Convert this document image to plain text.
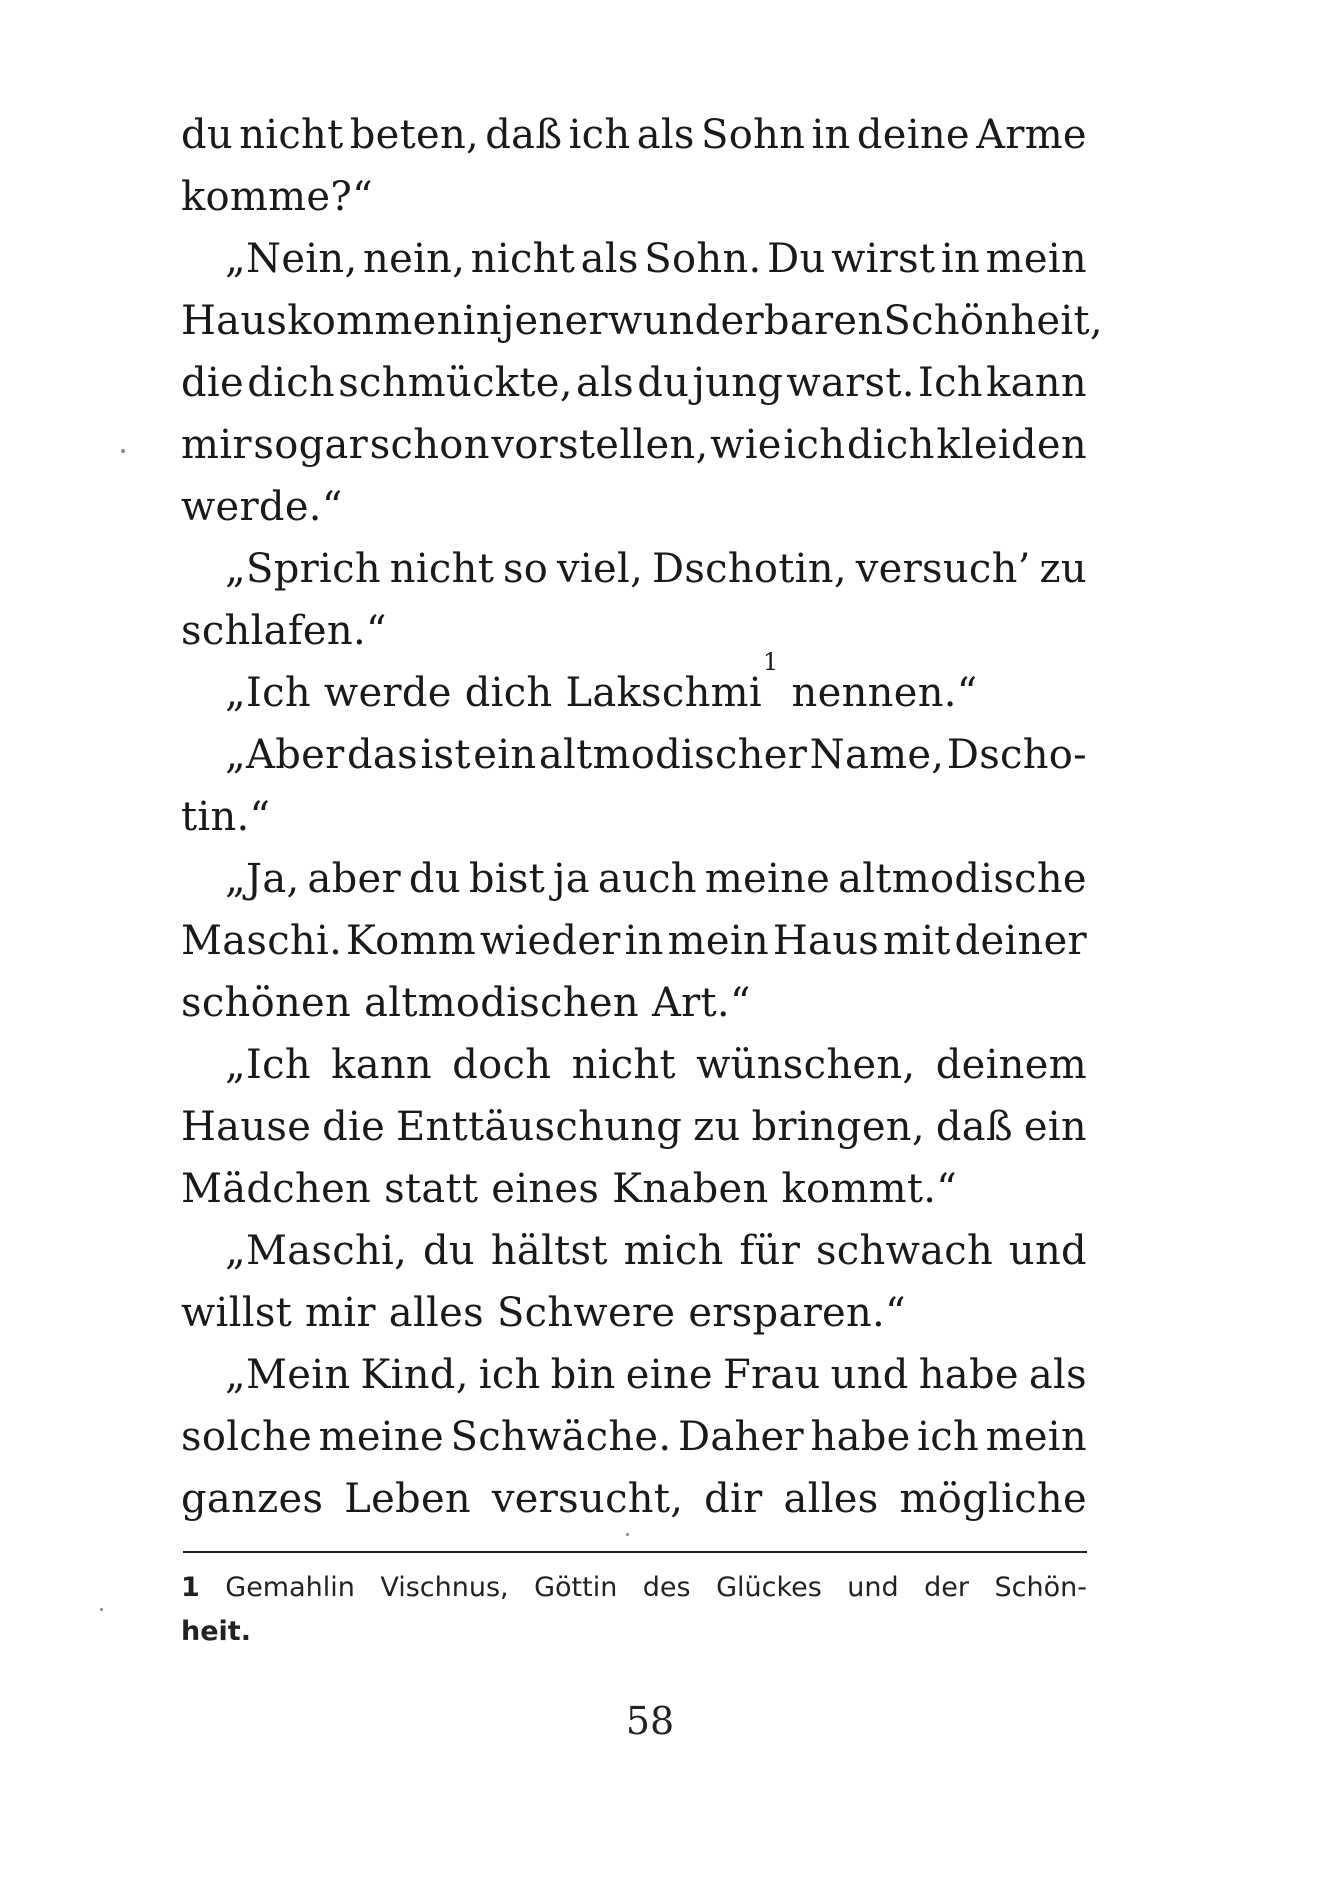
du nicht beten, daß ich als Sohn in deine Arme
komme?“
„Nein, nein, nicht als Sohn. Du wirst in mein
Haus kommen in jener wunderbaren Schönheit,
die dich schmückte, als du jung warst. Ich kann
mir sogar schon vorstellen, wie ich dich kleiden
werde.“
„Sprich nicht so viel, Dschotin, versuch’ zu
schlafen.“
„Ich werde dich Lakschmi
1
nennen.“
„Aber das ist ein altmodischer Name, Dscho-
tin.“
„Ja, aber du bist ja auch meine altmodische
Maschi. Komm wieder in mein Haus mit deiner
schönen altmodischen Art.“
„Ich kann doch nicht wünschen, deinem
Hause die Enttäuschung zu bringen, daß ein
Mädchen statt eines Knaben kommt.“
„Maschi, du hältst mich für schwach und
willst mir alles Schwere ersparen.“
„Mein Kind, ich bin eine Frau und habe als
solche meine Schwäche. Daher habe ich mein
ganzes Leben versucht, dir alles mögliche
1 Gemahlin Vischnus, Göttin des Glückes und der Schön-
heit.
58
